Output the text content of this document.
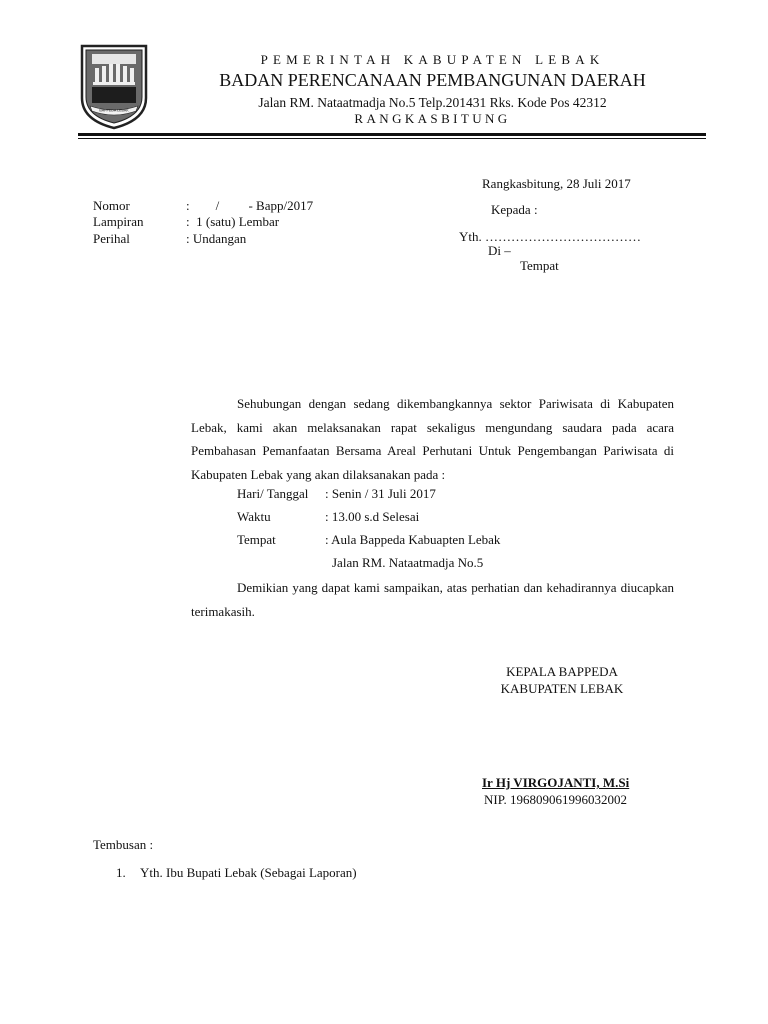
BAPPEDA LEBAK
PEMERINTAH KABUPATEN LEBAK
BADAN PERENCANAAN PEMBANGUNAN DAERAH
Jalan RM. Nataatmadja No.5 Telp.201431 Rks. Kode Pos 42312
RANGKASBITUNG
Rangkasbitung, 28 Juli 2017
Nomor	:        /         - Bapp/2017
Lampiran	:  1 (satu) Lembar
Perihal	: Undangan
Kepada :
Yth. ………………………………
Di –
Tempat
Sehubungan dengan sedang dikembangkannya sektor Pariwisata di Kabupaten Lebak, kami akan melaksanakan rapat sekaligus mengundang saudara pada acara Pembahasan Pemanfaatan Bersama Areal Perhutani Untuk Pengembangan Pariwisata di Kabupaten Lebak yang akan dilaksanakan pada :
Hari/ Tanggal : Senin / 31 Juli 2017
Waktu	: 13.00 s.d Selesai
Tempat	: Aula Bappeda Kabuapten Lebak
Jalan RM. Nataatmadja No.5
Demikian yang dapat kami sampaikan, atas perhatian dan kehadirannya diucapkan terimakasih.
KEPALA BAPPEDA
KABUPATEN LEBAK
Ir Hj VIRGOJANTI, M.Si
NIP. 196809061996032002
Tembusan :
1. Yth. Ibu Bupati Lebak (Sebagai Laporan)
